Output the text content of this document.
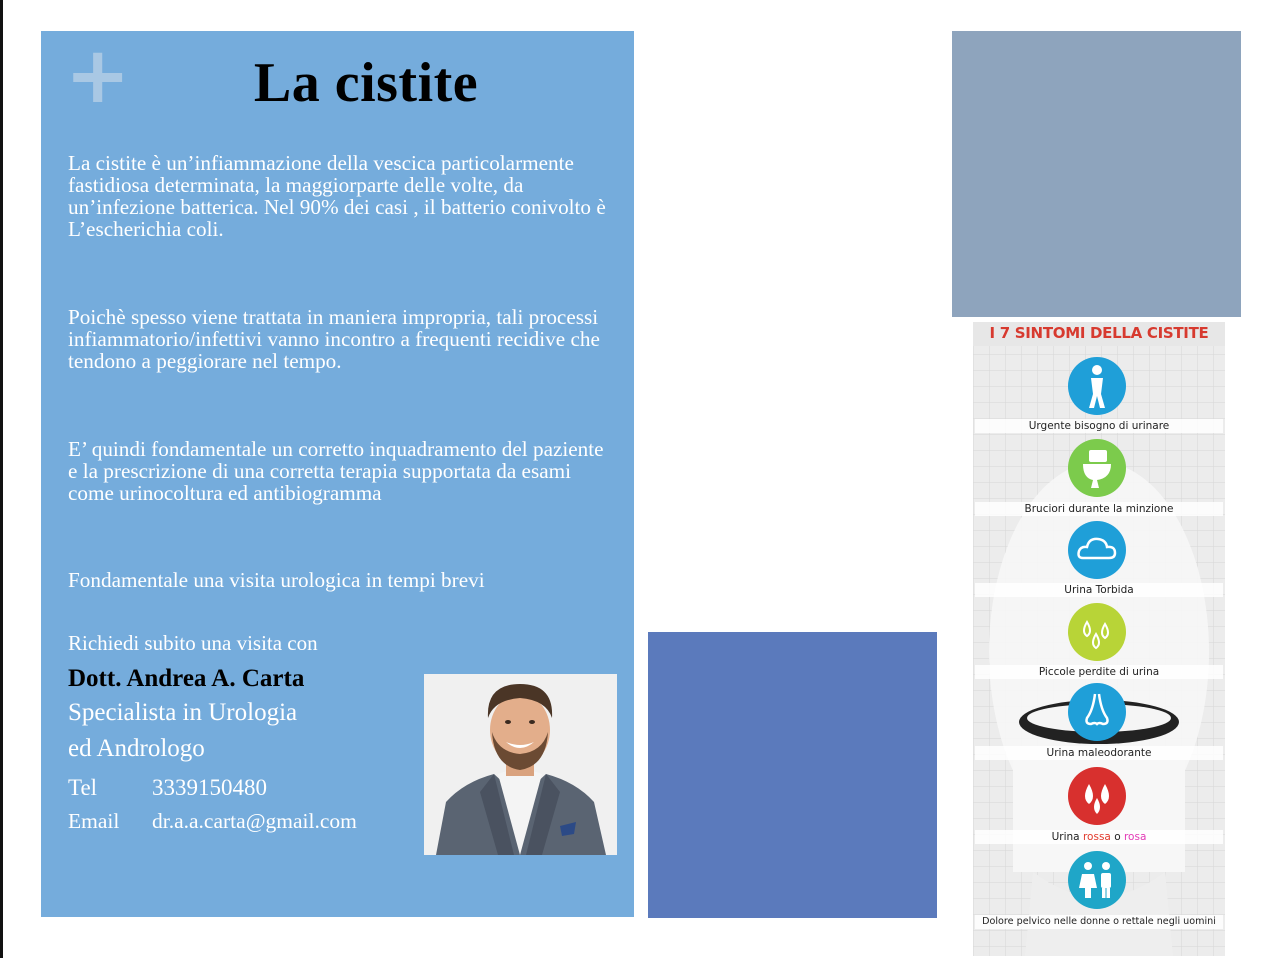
+	La cistite

La cistite è un’infiammazione della vescica particolarmente fastidiosa determinata, la maggiorparte delle volte, da un’infezione batterica. Nel 90% dei casi , il batterio conivolto è L’escherichia coli.

Poichè spesso viene trattata in maniera impropria, tali processi infiammatorio/infettivi vanno incontro a frequenti recidive che tendono a peggiorare nel tempo.

E’ quindi fondamentale un corretto inquadramento del paziente e la prescrizione di una corretta terapia supportata da esami come urinocoltura ed antibiogramma

Fondamentale una visita urologica in tempi brevi

Richiedi subito una visita con
Dott. Andrea A. Carta
Specialista in Urologia
ed Andrologo
Tel 3339150480
Email dr.a.a.carta@gmail.com
I 7 SINTOMI DELLA CISTITE
Urgente bisogno di urinare
Bruciori durante la minzione
Urina Torbida
Piccole perdite di urina
Urina maleodorante
Urina rossa o rosa
Dolore pelvico nelle donne o rettale negli uomini
